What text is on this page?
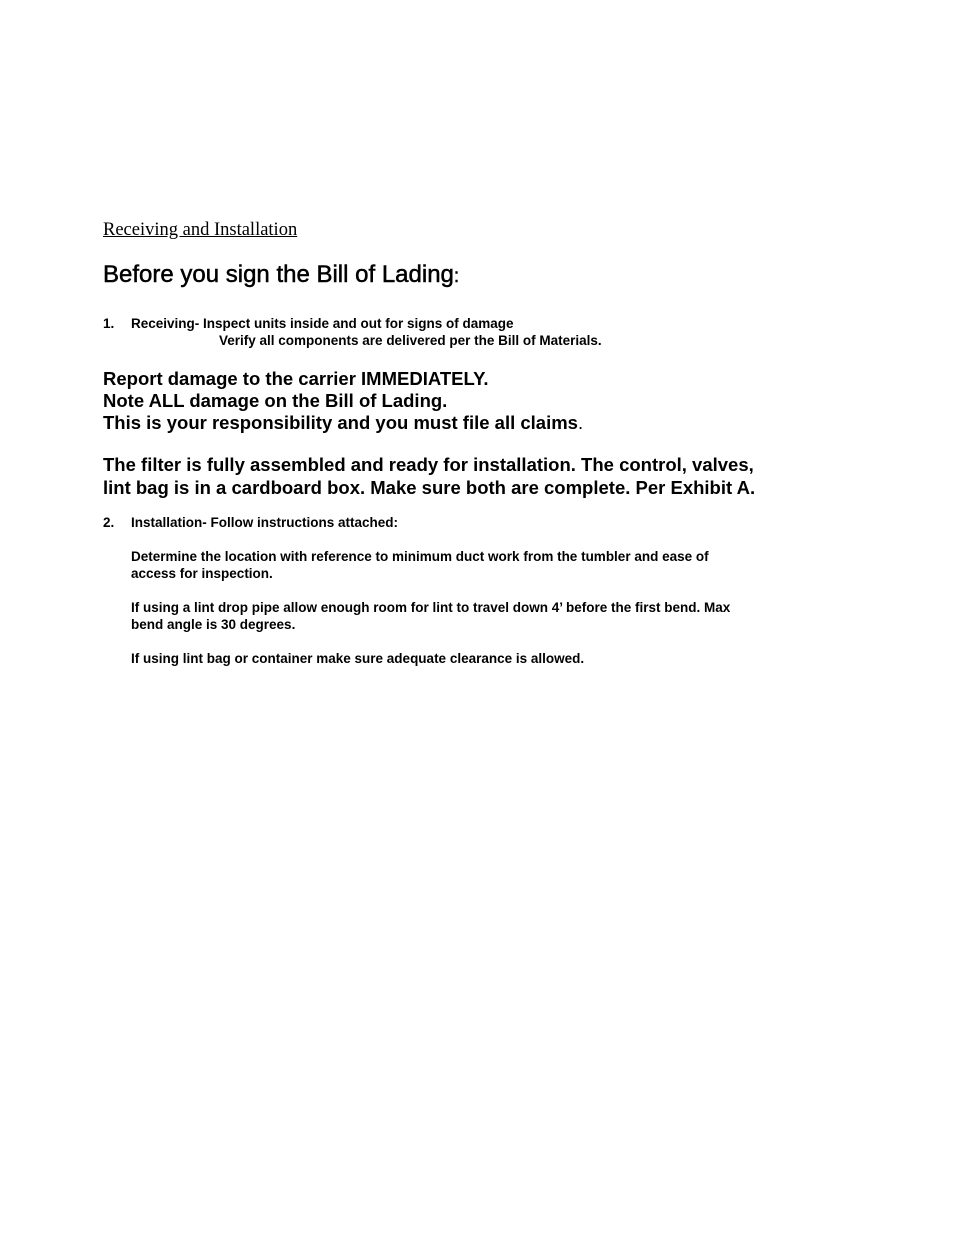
Receiving and Installation
Before you sign the Bill of Lading:
1. Receiving- Inspect units inside and out for signs of damage
Verify all components are delivered per the Bill of Materials.
Report damage to the carrier IMMEDIATELY.
Note ALL damage on the Bill of Lading.
This is your responsibility and you must file all claims.
The filter is fully assembled and ready for installation. The control, valves,
lint bag is in a cardboard box. Make sure both are complete. Per Exhibit A.
2. Installation- Follow instructions attached:
Determine the location with reference to minimum duct work from the tumbler and ease of
access for inspection.
If using a lint drop pipe allow enough room for lint to travel down 4’ before the first bend. Max
bend angle is 30 degrees.
If using lint bag or container make sure adequate clearance is allowed.
